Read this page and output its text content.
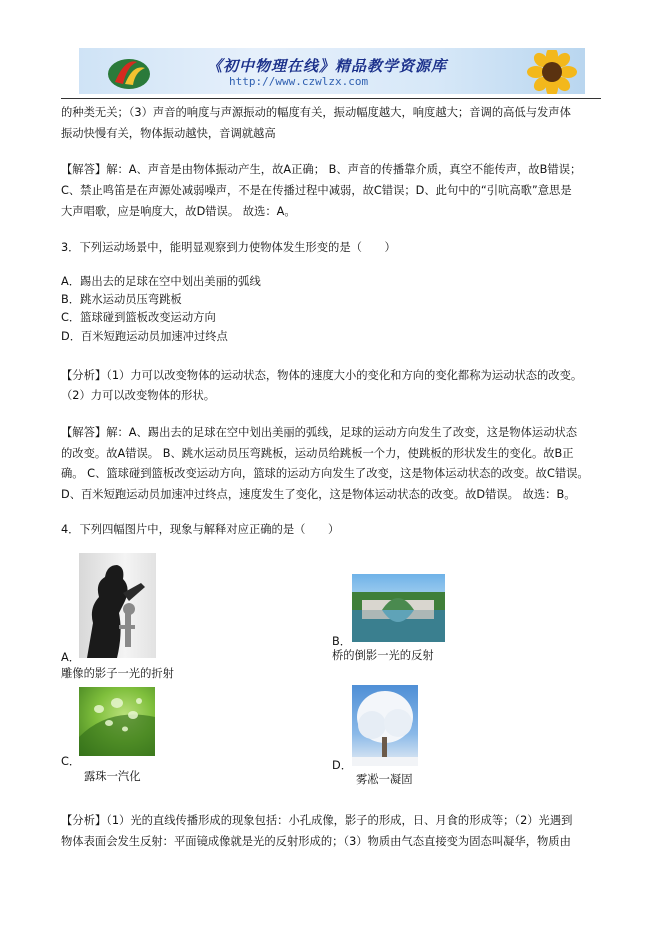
《初中物理在线》精品教学资源库
http://www.czwlzx.com
的种类无关；（3）声音的响度与声源振动的幅度有关，振动幅度越大，响度越大；音调的高低与发声体
振动快慢有关，物体振动越快，音调就越高
【解答】解：A、声音是由物体振动产生，故A正确； B、声音的传播靠介质，真空不能传声，故B错误；
C、禁止鸣笛是在声源处减弱噪声，不是在传播过程中减弱，故C错误；D、此句中的“引吭高歌”意思是
大声唱歌，应是响度大，故D错误。 故选：A。
3．下列运动场景中，能明显观察到力使物体发生形变的是（　　）
A．踢出去的足球在空中划出美丽的弧线
B．跳水运动员压弯跳板
C．篮球碰到篮板改变运动方向
D．百米短跑运动员加速冲过终点
【分析】（1）力可以改变物体的运动状态，物体的速度大小的变化和方向的变化都称为运动状态的改变。
（2）力可以改变物体的形状。
【解答】解：A、踢出去的足球在空中划出美丽的弧线，足球的运动方向发生了改变，这是物体运动状态
的改变。故A错误。 B、跳水运动员压弯跳板，运动员给跳板一个力，使跳板的形状发生的变化。故B正
确。 C、篮球碰到篮板改变运动方向，篮球的运动方向发生了改变，这是物体运动状态的改变。故C错误。
D、百米短跑运动员加速冲过终点，速度发生了变化，这是物体运动状态的改变。故D错误。 故选：B。
4．下列四幅图片中，现象与解释对应正确的是（　　）
A．
雕像的影子一光的折射
B．
桥的倒影一光的反射
C．
露珠一汽化
D．
雾凇一凝固
【分析】（1）光的直线传播形成的现象包括：小孔成像，影子的形成，日、月食的形成等；（2）光遇到
物体表面会发生反射：平面镜成像就是光的反射形成的；（3）物质由气态直接变为固态叫凝华，物质由
